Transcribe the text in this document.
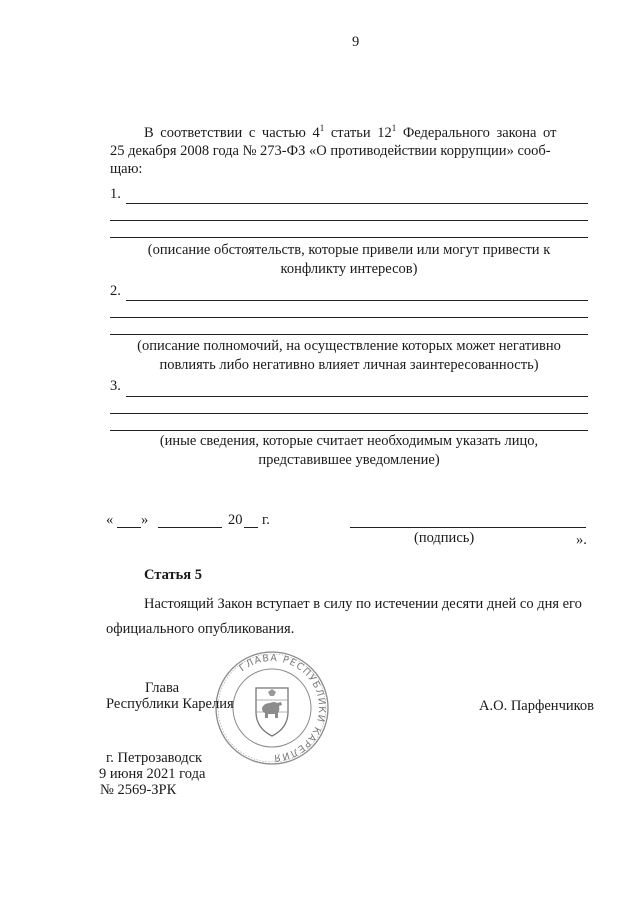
9
В соответствии с частью $4^1$ статьи $12^1$ Федерального закона от
25 декабря 2008 года № 273-ФЗ «О противодействии коррупции» сооб-
щаю:
1.
(описание обстоятельств, которые привели или могут привести к
конфликту интересов)
2.
(описание полномочий, на осуществление которых может негативно
повлиять либо негативно влияет личная заинтересованность)
3.
(иные сведения, которые считает необходимым указать лицо,
представившее уведомление)
« »	20 г.
(подпись)	».
Статья 5
Настоящий Закон вступает в силу по истечении десяти дней со дня его
официального опубликования.
ГЛАВА РЕСПУБЛИКИ КАРЕЛИЯ
Глава
Республики Карелия	А.О. Парфенчиков
г. Петрозаводск
9 июня 2021 года
№ 2569-ЗРК
